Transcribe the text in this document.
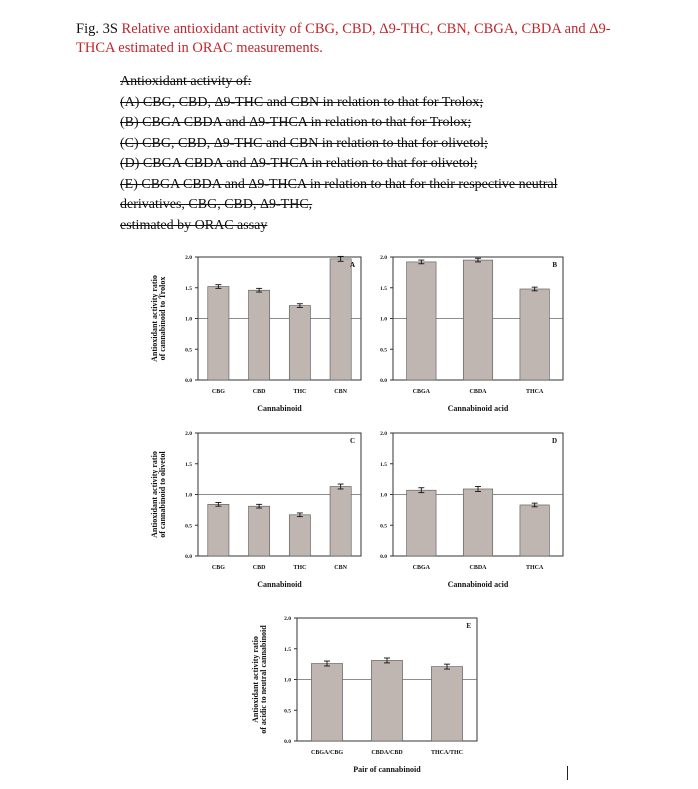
Fig. 3S Relative antioxidant activity of CBG, CBD, Δ9-THC, CBN, CBGA, CBDA and Δ9-THCA estimated in ORAC measurements.
Antioxidant activity of:
(A) CBG, CBD, Δ9-THC and CBN in relation to that for Trolox;
(B) CBGA CBDA and Δ9-THCA in relation to that for Trolox;
(C) CBG, CBD, Δ9-THC and CBN in relation to that for olivetol;
(D) CBGA CBDA and Δ9-THCA in relation to that for olivetol;
(E) CBGA CBDA and Δ9-THCA in relation to that for their respective neutral
derivatives, CBG, CBD, Δ9-THC,
estimated by ORAC assay
0.0
0.5
1.0
1.5
2.0
CBG	CBD	THC	CBN
A
Cannabinoid
Antioxidant activity ratio of cannabinoid to Trolox
0.0
0.5
1.0
1.5
2.0
CBGA	CBDA	THCA
B
Cannabinoid acid
0.0
0.5
1.0
1.5
2.0
CBG	CBD	THC	CBN
C
Cannabinoid
Antioxidant activity ratio of cannabinoid to olivetol
0.0
0.5
1.0
1.5
2.0
CBGA	CBDA	THCA
D
Cannabinoid acid
0.0
0.5
1.0
1.5
2.0
CBGA/CBG	CBDA/CBD	THCA/THC
E
Pair of cannabinoid
Antioxidant activity ratio of acidic to neutral cannabinoid
